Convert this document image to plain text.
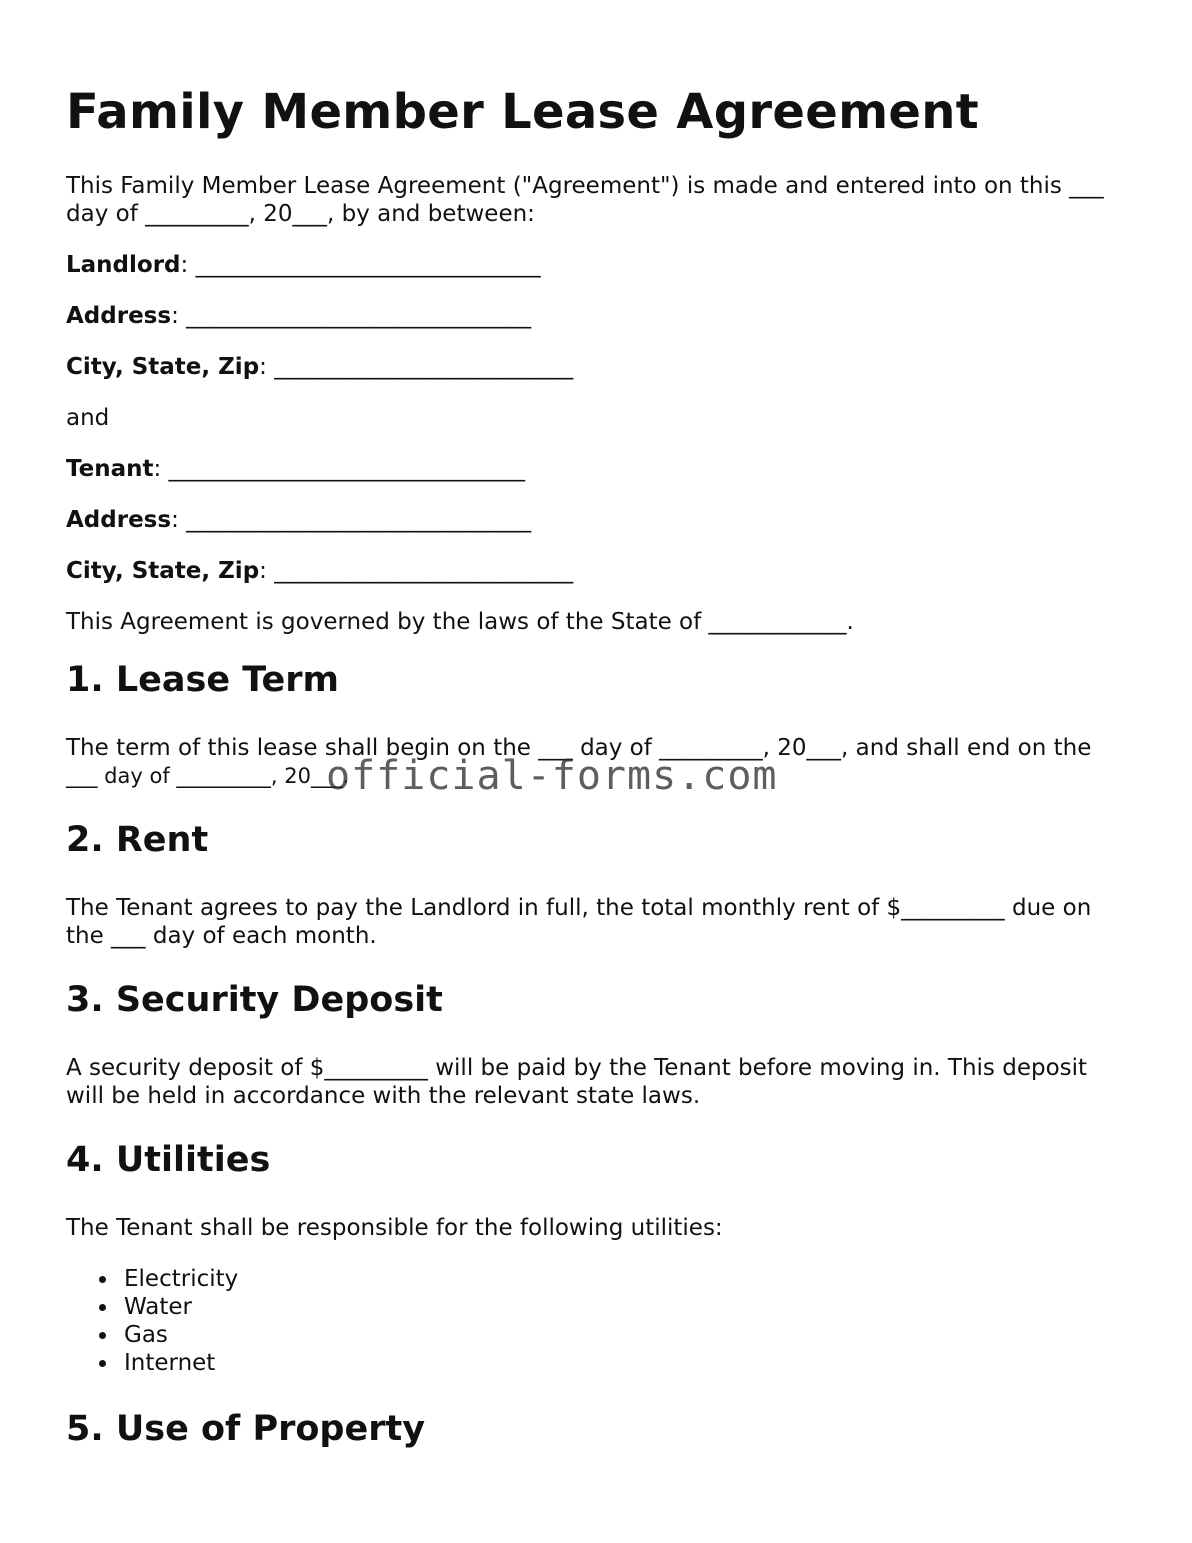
Family Member Lease Agreement

This Family Member Lease Agreement ("Agreement") is made and entered into on this ___ day of _________, 20___, by and between:

Landlord: ______________________________

Address: ______________________________

City, State, Zip: __________________________

and

Tenant: _______________________________

Address: ______________________________

City, State, Zip: __________________________

This Agreement is governed by the laws of the State of ____________.

1. Lease Term

The term of this lease shall begin on the ___ day of _________, 20___, and shall end on the
___ day of _________, 20___.

2. Rent

The Tenant agrees to pay the Landlord in full, the total monthly rent of $_________ due on the ___ day of each month.

3. Security Deposit

A security deposit of $_________ will be paid by the Tenant before moving in. This deposit will be held in accordance with the relevant state laws.

4. Utilities

The Tenant shall be responsible for the following utilities:

Electricity
Water
Gas
Internet
5. Use of Property
official-forms.com
